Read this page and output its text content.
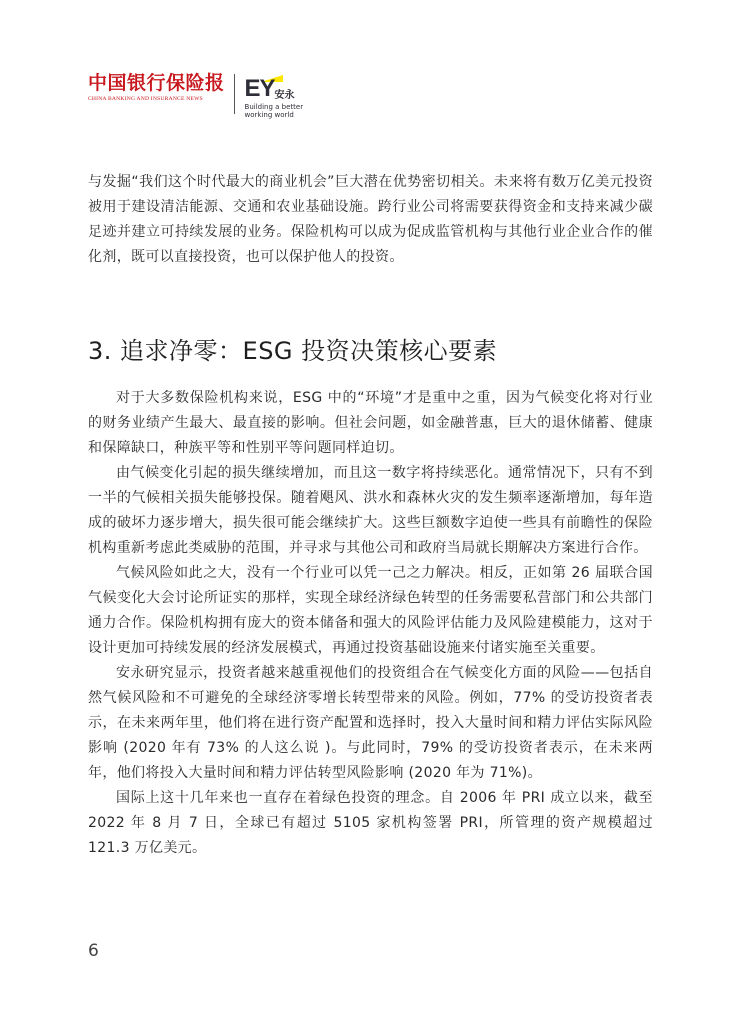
中国银行保险报
CHINA BANKING AND INSURANCE NEWS	EY 安永
Building a better
working world

与发掘“我们这个时代最大的商业机会”巨大潜在优势密切相关。未来将有数万亿美元投资被用于建设清洁能源、交通和农业基础设施。跨行业公司将需要获得资金和支持来减少碳足迹并建立可持续发展的业务。保险机构可以成为促成监管机构与其他行业企业合作的催化剂，既可以直接投资，也可以保护他人的投资。

3. 追求净零：ESG 投资决策核心要素

对于大多数保险机构来说，ESG 中的“环境”才是重中之重，因为气候变化将对行业的财务业绩产生最大、最直接的影响。但社会问题，如金融普惠，巨大的退休储蓄、健康和保障缺口，种族平等和性别平等问题同样迫切。

由气候变化引起的损失继续增加，而且这一数字将持续恶化。通常情况下，只有不到一半的气候相关损失能够投保。随着飓风、洪水和森林火灾的发生频率逐渐增加，每年造成的破坏力逐步增大，损失很可能会继续扩大。这些巨额数字迫使一些具有前瞻性的保险机构重新考虑此类威胁的范围，并寻求与其他公司和政府当局就长期解决方案进行合作。

气候风险如此之大，没有一个行业可以凭一己之力解决。相反，正如第 26 届联合国气候变化大会讨论所证实的那样，实现全球经济绿色转型的任务需要私营部门和公共部门通力合作。保险机构拥有庞大的资本储备和强大的风险评估能力及风险建模能力，这对于设计更加可持续发展的经济发展模式，再通过投资基础设施来付诸实施至关重要。

安永研究显示，投资者越来越重视他们的投资组合在气候变化方面的风险——包括自然气候风险和不可避免的全球经济零增长转型带来的风险。例如，77% 的受访投资者表示，在未来两年里，他们将在进行资产配置和选择时，投入大量时间和精力评估实际风险影响 (2020 年有 73% 的人这么说 )。与此同时，79% 的受访投资者表示，在未来两年，他们将投入大量时间和精力评估转型风险影响 (2020 年为 71%)。

国际上这十几年来也一直存在着绿色投资的理念。自 2006 年 PRI 成立以来，截至 2022 年 8 月 7 日，全球已有超过 5105 家机构签署 PRI，所管理的资产规模超过 121.3 万亿美元。

6
